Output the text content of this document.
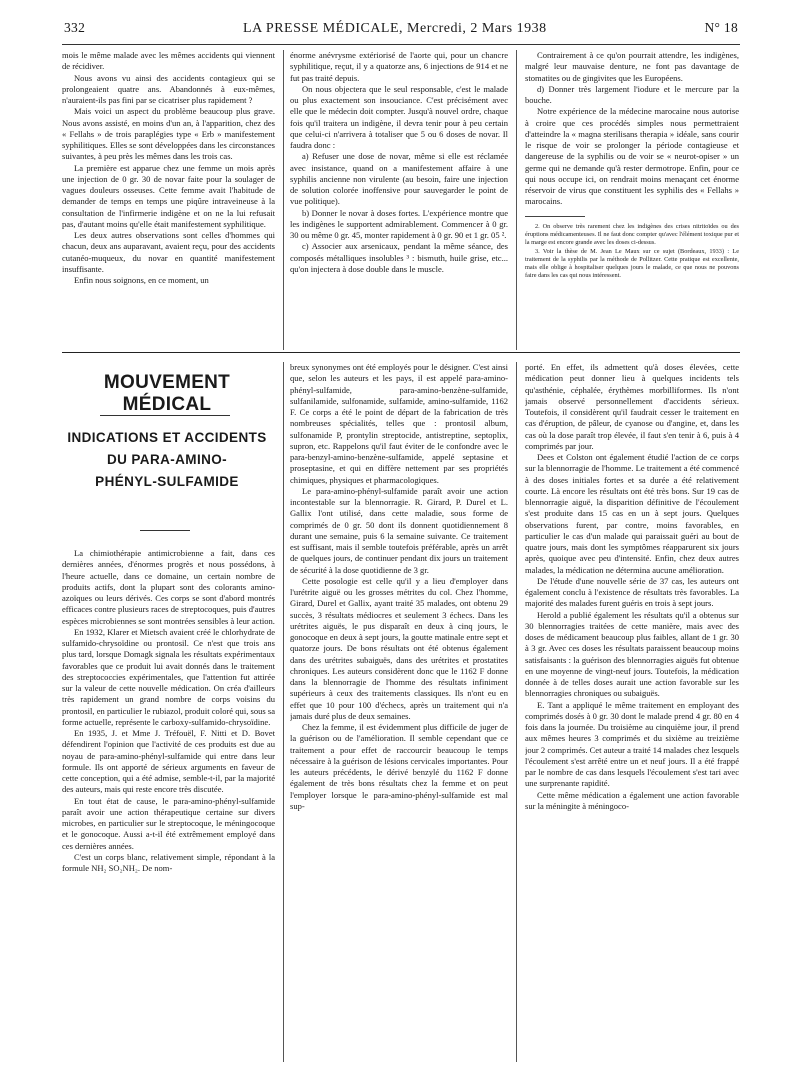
332	LA PRESSE MÉDICALE, Mercredi, 2 Mars 1938	N° 18

mois le même malade avec les mêmes accidents qui viennent de récidiver.

Nous avons vu ainsi des accidents contagieux qui se prolongeaient quatre ans. Abandonnés à eux-mêmes, n'auraient-ils pas fini par se cicatriser plus rapidement ?

Mais voici un aspect du problème beaucoup plus grave. Nous avons assisté, en moins d'un an, à l'apparition, chez des « Fellahs » de trois paraplégies type « Erb » manifestement syphilitiques. Elles se sont développées dans les circonstances suivantes, à peu près les mêmes dans les trois cas.

La première est apparue chez une femme un mois après une injection de 0 gr. 30 de novar faite pour la soulager de vagues douleurs osseuses. Cette femme avait l'habitude de demander de temps en temps une piqûre intraveineuse à la consultation de l'infirmerie indigène et on ne la lui refusait pas, d'autant moins qu'elle était manifestement syphilitique.

Les deux autres observations sont celles d'hommes qui chacun, deux ans auparavant, avaient reçu, pour des accidents cutanéo-muqueux, du novar en quantité manifestement insuffisante.

Enfin nous soignons, en ce moment, un

énorme anévrysme extériorisé de l'aorte qui, pour un chancre syphilitique, reçut, il y a quatorze ans, 6 injections de 914 et ne fut pas traité depuis.

On nous objectera que le seul responsable, c'est le malade ou plus exactement son insouciance. C'est précisément avec elle que le médecin doit compter. Jusqu'à nouvel ordre, chaque fois qu'il traitera un indigène, il devra tenir pour à peu certain que celui-ci n'arrivera à totaliser que 5 ou 6 doses de novar. Il faudra donc :

a) Refuser une dose de novar, même si elle est réclamée avec insistance, quand on a manifestement affaire à une syphilis ancienne non virulente (au besoin, faire une injection de solution colorée inoffensive pour sauvegarder le point de vue politique).

b) Donner le novar à doses fortes. L'expérience montre que les indigènes le supportent admirablement. Commencer à 0 gr. 30 ou même 0 gr. 45, monter rapidement à 0 gr. 90 et 1 gr. 05 ².

c) Associer aux arsenicaux, pendant la même séance, des composés métalliques insolubles ³ : bismuth, huile grise, etc... qu'on injectera à dose double dans le muscle.

Contrairement à ce qu'on pourrait attendre, les indigènes, malgré leur mauvaise denture, ne font pas davantage de stomatites ou de gingivites que les Européens.

d) Donner très largement l'iodure et le mercure par la bouche.

Notre expérience de la médecine marocaine nous autorise à croire que ces procédés simples nous permettraient d'atteindre la « magna sterilisans therapia » idéale, sans courir le risque de voir se prolonger la période contagieuse et dangereuse de la syphilis ou de voir se « neurot-opiser » un germe qui ne demande qu'à rester dermotrope. Enfin, pour ce qui nous occupe ici, on rendrait moins menaçant cet énorme réservoir de virus que constituent les syphilis des « Fellahs » marocains.

2. On observe très rarement chez les indigènes des crises nitritoïdes ou des éruptions médicamenteuses. Il ne faut donc compter qu'avec l'élément toxique pur et la marge est encore grande avec les doses ci-dessus.

3. Voir la thèse de M. Jean Le Maux sur ce sujet (Bordeaux, 1933) : Le traitement de la syphilis par la méthode de Pollitzer. Cette pratique est excellente, mais elle oblige à hospitaliser quelques jours le malade, ce que nous ne pouvons faire dans les cas qui nous intéressent.

MOUVEMENT MÉDICAL
INDICATIONS ET ACCIDENTS
DU PARA-AMINO-
PHÉNYL-SULFAMIDE

La chimiothérapie antimicrobienne a fait, dans ces dernières années, d'énormes progrès et nous possédons, à l'heure actuelle, dans ce domaine, un certain nombre de produits actifs, dont la plupart sont des colorants amino-azoïques ou leurs dérivés. Ces corps se sont d'abord montrés efficaces contre plusieurs races de streptocoques, puis d'autres espèces microbiennes se sont montrées sensibles à leur action.

En 1932, Klarer et Mietsch avaient créé le chlorhydrate de sulfamido-chrysoïdine ou prontosil. Ce n'est que trois ans plus tard, lorsque Domagk signala les résultats expérimentaux favorables que ce produit lui avait donnés dans le traitement des streptococcies expérimentales, que l'attention fut attirée sur la valeur de cette nouvelle médication. On créa d'ailleurs très rapidement un grand nombre de corps voisins du prontosil, en particulier le rubiazol, produit coloré qui, sous sa forme actuelle, représente le carboxy-sulfamido-chrysoïdine.

En 1935, J. et Mme J. Tréfouël, F. Nitti et D. Bovet défendirent l'opinion que l'activité de ces produits est due au noyau de para-amino-phényl-sulfamide qui entre dans leur formule. Ils ont apporté de sérieux arguments en faveur de cette conception, qui a été admise, semble-t-il, par la majorité des auteurs, mais qui reste encore très discutée.

En tout état de cause, le para-amino-phényl-sulfamide paraît avoir une action thérapeutique certaine sur divers microbes, en particulier sur le streptocoque, le méningocoque et le gonocoque. Aussi a-t-il été extrêmement employé dans ces dernières années.

C'est un corps blanc, relativement simple, répondant à la formule NH₂ SO₂NH₂. De nom-

breux synonymes ont été employés pour le désigner. C'est ainsi que, selon les auteurs et les pays, il est appelé para-amino-phényl-sulfamide, para-amino-benzène-sulfamide, sulfanilamide, sulfonamide, sulfamide, amino-sulfamide, 1162 F. Ce corps a été le point de départ de la fabrication de très nombreuses spécialités, telles que : prontosil album, sulfonamide P, prontylin streptocide, antistreptine, septoplix, supron, etc. Rappelons qu'il faut éviter de le confondre avec le para-benzyl-amino-benzène-sulfamide, appelé septasine et proseptasine, et qui en diffère nettement par ses propriétés chimiques, physiques et pharmacologiques.

Le para-amino-phényl-sulfamide paraît avoir une action incontestable sur la blennorragie. R. Girard, P. Durel et L. Gallix l'ont utilisé, dans cette maladie, sous forme de comprimés de 0 gr. 50 dont ils donnent quotidiennement 8 durant une semaine, puis 6 la semaine suivante. Ce traitement est suffisant, mais il semble toutefois préférable, après un arrêt de quelques jours, de continuer pendant dix jours un traitement de sécurité à la dose quotidienne de 3 gr.

Cette posologie est celle qu'il y a lieu d'employer dans l'urétrite aiguë ou les grosses métrites du col. Chez l'homme, Girard, Durel et Gallix, ayant traité 35 malades, ont obtenu 29 succès, 3 résultats médiocres et seulement 3 échecs. Dans les urétrites aiguës, le pus disparaît en deux à cinq jours, le gonocoque en deux à sept jours, la goutte matinale entre sept et quatorze jours. De bons résultats ont été obtenus également dans des urétrites subaiguës, dans des urétrites et prostatites chroniques. Les auteurs considèrent donc que le 1162 F donne dans la blennorragie de l'homme des résultats infiniment supérieurs à ceux des traitements classiques. Ils n'ont eu en effet que 10 pour 100 d'échecs, après un traitement qui n'a jamais duré plus de deux semaines.

Chez la femme, il est évidemment plus difficile de juger de la guérison ou de l'amélioration. Il semble cependant que ce traitement a pour effet de raccourcir beaucoup le temps nécessaire à la guérison de lésions cervicales importantes. Pour les auteurs précédents, le dérivé benzylé du 1162 F donne également de très bons résultats chez la femme et on peut l'employer lorsque le para-amino-phényl-sulfamide est mal sup-

porté. En effet, ils admettent qu'à doses élevées, cette médication peut donner lieu à quelques incidents tels qu'asthénie, céphalée, érythèmes morbilliformes. Ils n'ont jamais observé personnellement d'accidents sérieux. Toutefois, il considèrent qu'il faudrait cesser le traitement en cas d'éruption, de pâleur, de cyanose ou d'angine, et, dans les cas où la dose paraît trop élevée, il faut s'en tenir à 6, puis à 4 comprimés par jour.

Dees et Colston ont également étudié l'action de ce corps sur la blennorragie de l'homme. Le traitement a été commencé à des doses initiales fortes et sa durée a été relativement courte. Là encore les résultats ont été très bons. Sur 19 cas de blennorragie aiguë, la disparition définitive de l'écoulement s'est produite dans 15 cas en un à sept jours. Quelques observations furent, par contre, moins favorables, en particulier le cas d'un malade qui paraissait guéri au bout de quatre jours, mais dont les symptômes réapparurent six jours après, quoique avec peu d'intensité. Enfin, chez deux autres malades, la médication ne détermina aucune amélioration.

De l'étude d'une nouvelle série de 37 cas, les auteurs ont également conclu à l'existence de résultats très favorables. La majorité des malades furent guéris en trois à sept jours.

Herold a publié également les résultats qu'il a obtenus sur 30 blennorragies traitées de cette manière, mais avec des doses de médicament beaucoup plus faibles, allant de 1 gr. 30 à 3 gr. Avec ces doses les résultats paraissent beaucoup moins satisfaisants : la guérison des blennorragies aiguës fut obtenue en une moyenne de vingt-neuf jours. Toutefois, la médication donnée à de telles doses aurait une action favorable sur les blennorragies chroniques ou subaiguës.

E. Tant a appliqué le même traitement en employant des comprimés dosés à 0 gr. 30 dont le malade prend 4 gr. 80 en 4 fois dans la journée. Du troisième au cinquième jour, il prend aux mêmes heures 3 comprimés et du sixième au treizième jour 2 comprimés. Cet auteur a traité 14 malades chez lesquels l'écoulement s'est arrêté entre un et neuf jours. Il a été frappé par le nombre de cas dans lesquels l'écoulement s'est tari avec une surprenante rapidité.

Cette même médication a également une action favorable sur la méningite à méningoco-
